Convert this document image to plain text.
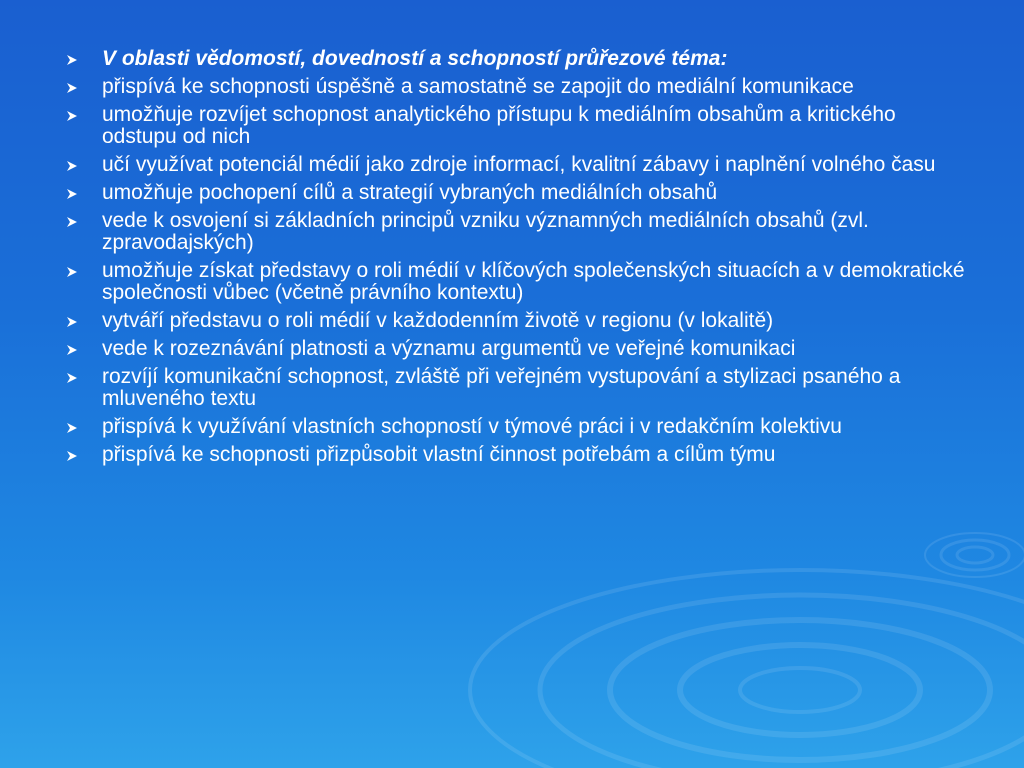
V oblasti vědomostí, dovedností a schopností průřezové téma:
přispívá ke schopnosti úspěšně a samostatně se zapojit do mediální komunikace
umožňuje rozvíjet schopnost analytického přístupu k mediálním obsahům a kritického odstupu od nich
učí využívat potenciál médií jako zdroje informací, kvalitní zábavy i naplnění volného času
umožňuje pochopení cílů a strategií vybraných mediálních obsahů
vede k osvojení si základních principů vzniku významných mediálních obsahů (zvl. zpravodajských)
umožňuje získat představy o roli médií v klíčových společenských situacích a v demokratické společnosti vůbec (včetně právního kontextu)
vytváří představu o roli médií v každodenním životě v regionu (v lokalitě)
vede k rozeznávání platnosti a významu argumentů ve veřejné komunikaci
rozvíjí komunikační schopnost, zvláště při veřejném vystupování a stylizaci psaného a mluveného textu
přispívá k využívání vlastních schopností v týmové práci i v redakčním kolektivu
přispívá ke schopnosti přizpůsobit vlastní činnost potřebám a cílům týmu
